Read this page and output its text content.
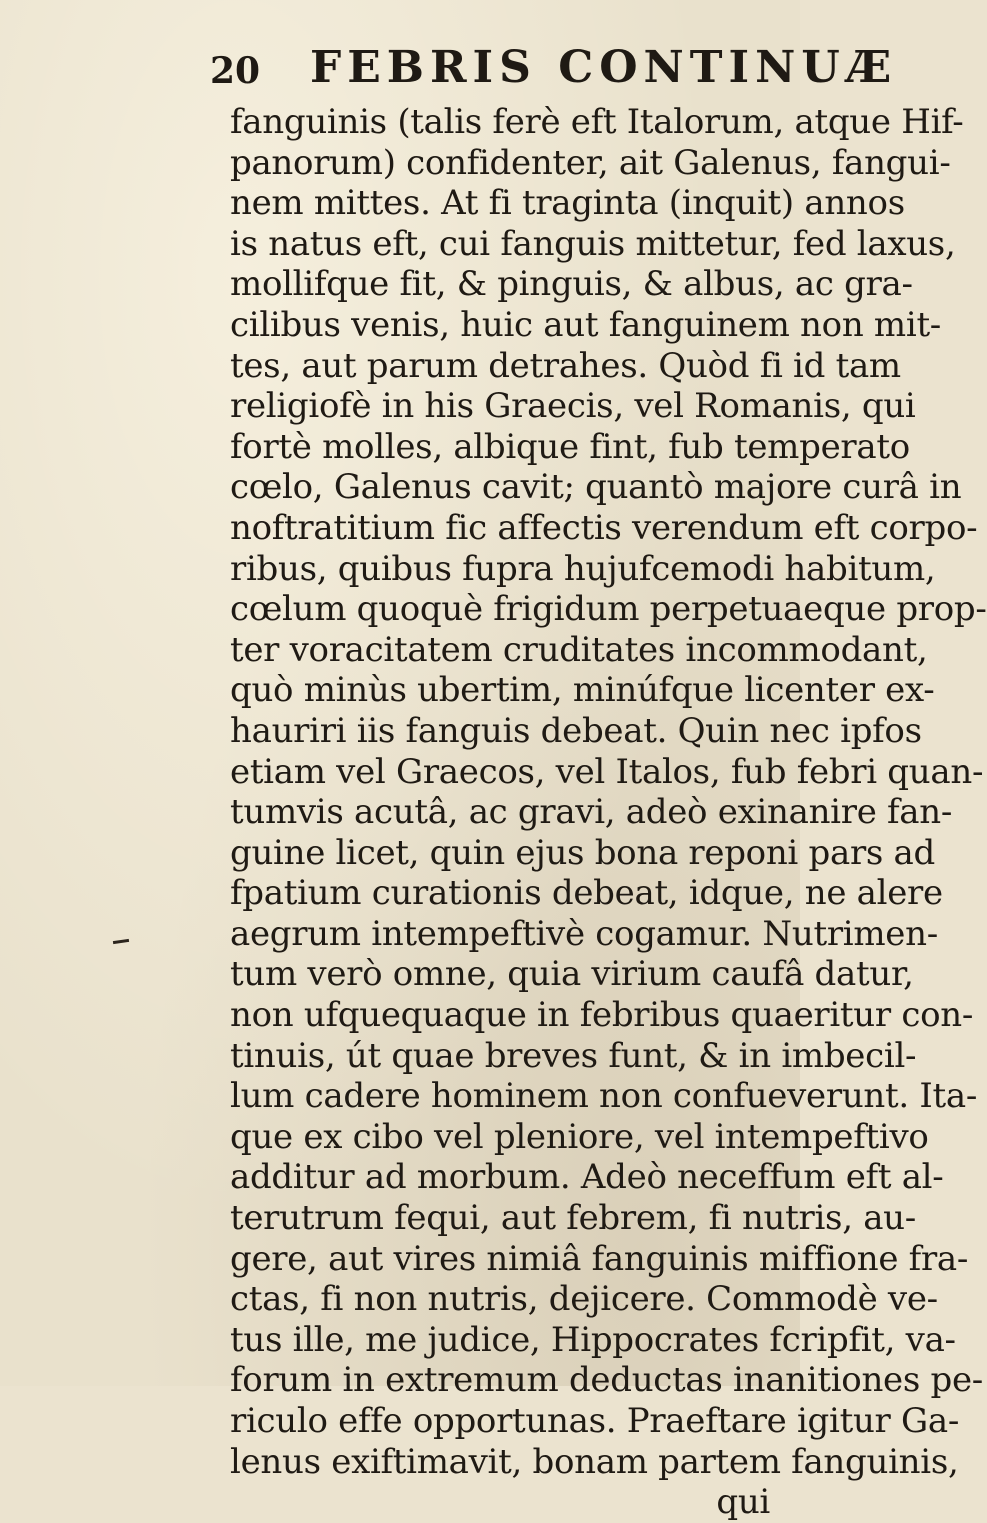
20 FEBRIS CONTINUÆ
fanguinis (talis ferè eft Italorum, atque Hif-
panorum) confidenter, ait Galenus, fangui-
nem mittes. At fi traginta (inquit) annos
is natus eft, cui fanguis mittetur, fed laxus,
mollifque fit, & pinguis, & albus, ac gra-
cilibus venis, huic aut fanguinem non mit-
tes, aut parum detrahes. Quòd fi id tam
religiofè in his Graecis, vel Romanis, qui
fortè molles, albique fint, fub temperato
cœlo, Galenus cavit; quantò majore curâ in
noftratitium fic affectis verendum eft corpo-
ribus, quibus fupra hujufcemodi habitum,
cœlum quoquè frigidum perpetuaeque prop-
ter voracitatem cruditates incommodant,
quò minùs ubertim, minúfque licenter ex-
hauriri iis fanguis debeat. Quin nec ipfos
etiam vel Graecos, vel Italos, fub febri quan-
tumvis acutâ, ac gravi, adeò exinanire fan-
guine licet, quin ejus bona reponi pars ad
fpatium curationis debeat, idque, ne alere
aegrum intempeftivè cogamur. Nutrimen-
tum verò omne, quia virium caufâ datur,
non ufquequaque in febribus quaeritur con-
tinuis, út quae breves funt, & in imbecil-
lum cadere hominem non confueverunt. Ita-
que ex cibo vel pleniore, vel intempeftivo
additur ad morbum. Adeò neceffum eft al-
terutrum fequi, aut febrem, fi nutris, au-
gere, aut vires nimiâ fanguinis miffione fra-
ctas, fi non nutris, dejicere. Commodè ve-
tus ille, me judice, Hippocrates fcripfit, va-
forum in extremum deductas inanitiones pe-
riculo effe opportunas. Praeftare igitur Ga-
lenus exiftimavit, bonam partem fanguinis,
qui
